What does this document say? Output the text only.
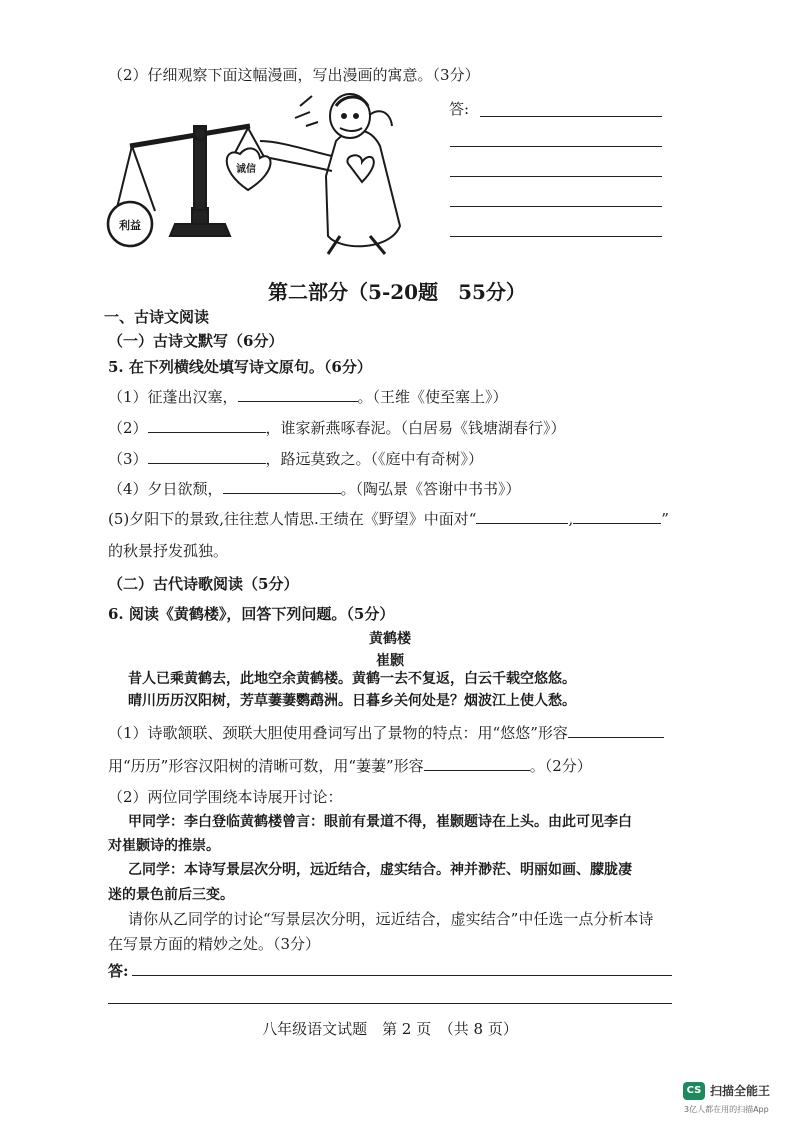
（2）仔细观察下面这幅漫画，写出漫画的寓意。（3分）
利益
诚信
答:
第二部分（5-20题　55分）
一、古诗文阅读
（一）古诗文默写（6分）
5. 在下列横线处填写诗文原句。（6分）
（1）征蓬出汉塞，	。（王维《使至塞上》）
（2）	，谁家新燕啄春泥。（白居易《钱塘湖春行》）
（3）	，路远莫致之。（《庭中有奇树》）
（4）夕日欲颓，	。（陶弘景《答谢中书书》）
(5)夕阳下的景致,往往惹人情思.王绩在《野望》中面对“	,	”
的秋景抒发孤独。
（二）古代诗歌阅读（5分）
6. 阅读《黄鹤楼》，回答下列问题。（5分）
黄鹤楼
崔颢
昔人已乘黄鹤去，此地空余黄鹤楼。黄鹤一去不复返，白云千载空悠悠。
晴川历历汉阳树，芳草萋萋鹦鹉洲。日暮乡关何处是？烟波江上使人愁。
（1）诗歌颔联、颈联大胆使用叠词写出了景物的特点：用“悠悠”形容
用“历历”形容汉阳树的清晰可数，用“萋萋”形容	。（2分）
（2）两位同学围绕本诗展开讨论：
甲同学：李白登临黄鹤楼曾言：眼前有景道不得，崔颢题诗在上头。由此可见李白
对崔颢诗的推崇。
乙同学：本诗写景层次分明，远近结合，虚实结合。神并渺茫、明丽如画、朦胧凄
迷的景色前后三变。
请你从乙同学的讨论“写景层次分明，远近结合，虚实结合”中任选一点分析本诗
在写景方面的精妙之处。（3分）
答:
八年级语文试题　第 2 页　（共 8 页）
CS 扫描全能王
3亿人都在用的扫描App
